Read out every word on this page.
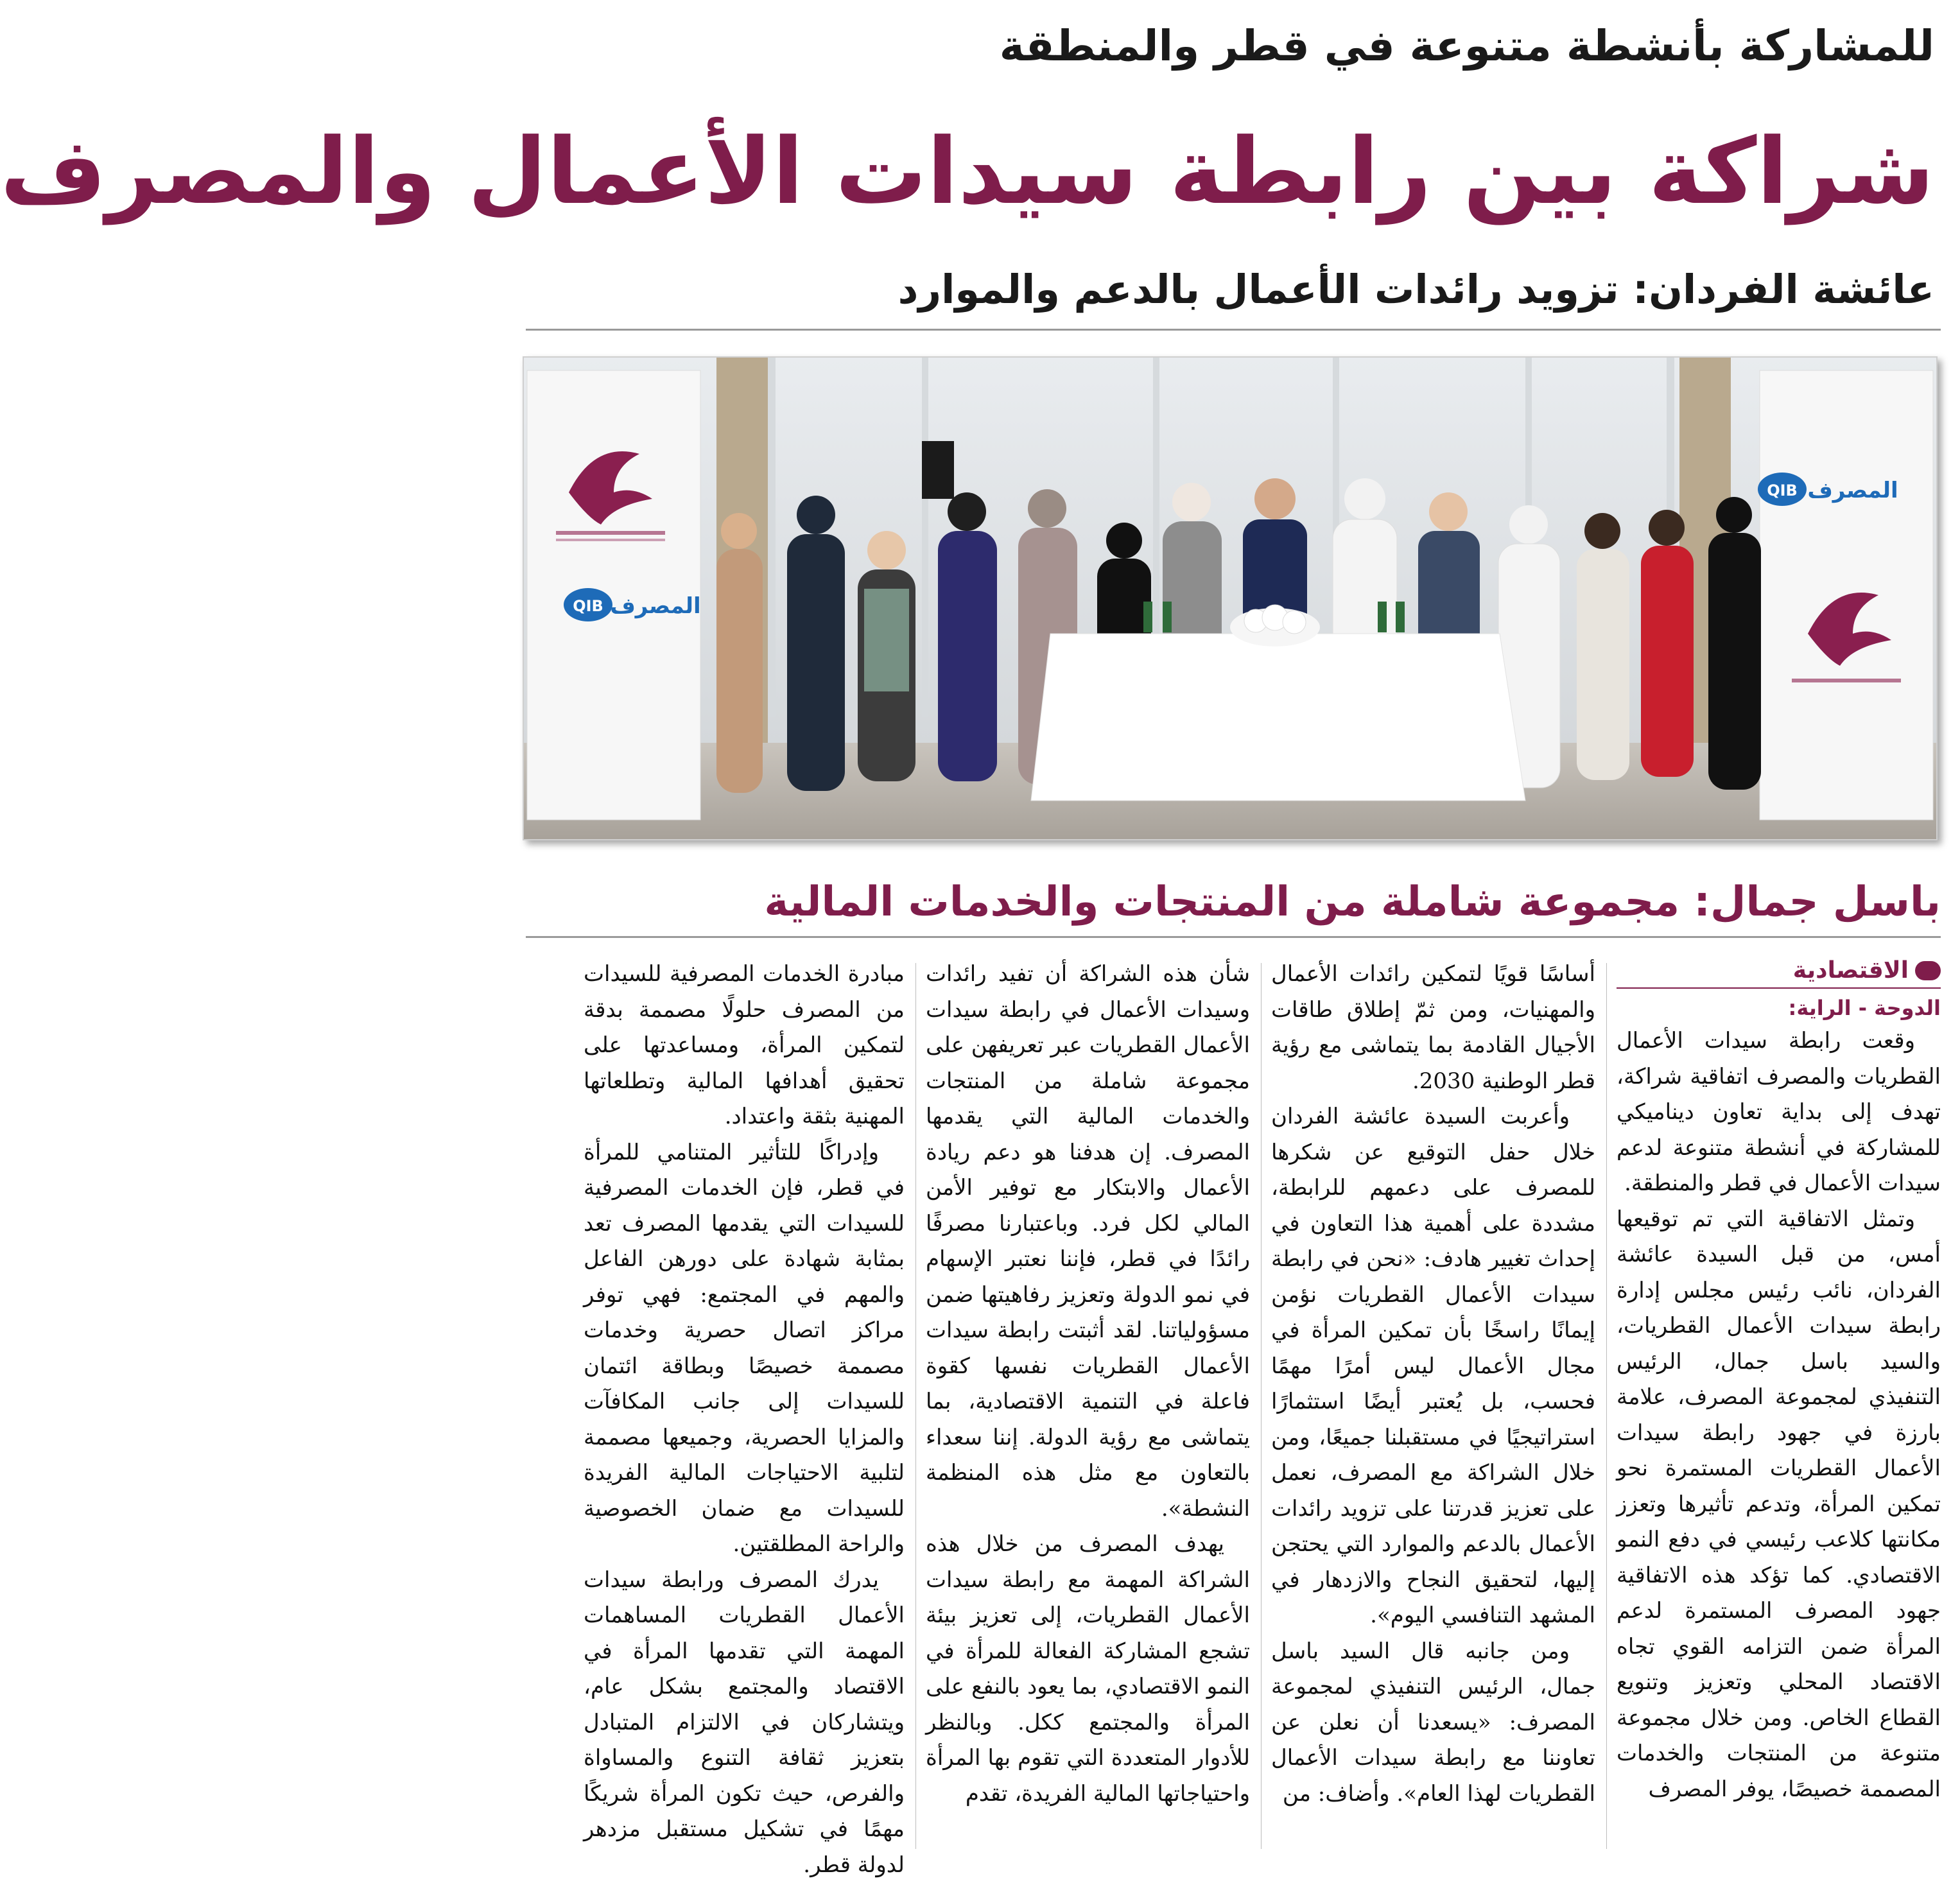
للمشاركة بأنشطة متنوعة في قطر والمنطقة
شراكة بين رابطة سيدات الأعمال والمصرف
عائشة الفردان: تزويد رائدات الأعمال بالدعم والموارد
QIB المصرف
QIB المصرف
باسل جمال: مجموعة شاملة من المنتجات والخدمات المالية
الاقتصادية
الدوحة - الراية:

وقعت رابطة سيدات الأعمال القطريات والمصرف اتفاقية شراكة، تهدف إلى بداية تعاون ديناميكي للمشاركة في أنشطة متنوعة لدعم سيدات الأعمال في قطر والمنطقة.

وتمثل الاتفاقية التي تم توقيعها أمس، من قبل السيدة عائشة الفردان، نائب رئيس مجلس إدارة رابطة سيدات الأعمال القطريات، والسيد باسل جمال، الرئيس التنفيذي لمجموعة المصرف، علامة بارزة في جهود رابطة سيدات الأعمال القطريات المستمرة نحو تمكين المرأة، وتدعم تأثيرها وتعزز مكانتها كلاعب رئيسي في دفع النمو الاقتصادي. كما تؤكد هذه الاتفاقية جهود المصرف المستمرة لدعم المرأة ضمن التزامه القوي تجاه الاقتصاد المحلي وتعزيز وتنويع القطاع الخاص. ومن خلال مجموعة متنوعة من المنتجات والخدمات المصممة خصيصًا، يوفر المصرف

أساسًا قويًا لتمكين رائدات الأعمال والمهنيات، ومن ثمّ إطلاق طاقات الأجيال القادمة بما يتماشى مع رؤية قطر الوطنية 2030.

وأعربت السيدة عائشة الفردان خلال حفل التوقيع عن شكرها للمصرف على دعمهم للرابطة، مشددة على أهمية هذا التعاون في إحداث تغيير هادف: «نحن في رابطة سيدات الأعمال القطريات نؤمن إيمانًا راسخًا بأن تمكين المرأة في مجال الأعمال ليس أمرًا مهمًا فحسب، بل يُعتبر أيضًا استثمارًا استراتيجيًا في مستقبلنا جميعًا، ومن خلال الشراكة مع المصرف، نعمل على تعزيز قدرتنا على تزويد رائدات الأعمال بالدعم والموارد التي يحتجن إليها، لتحقيق النجاح والازدهار في المشهد التنافسي اليوم».

ومن جانبه قال السيد باسل جمال، الرئيس التنفيذي لمجموعة المصرف: «يسعدنا أن نعلن عن تعاوننا مع رابطة سيدات الأعمال القطريات لهذا العام». وأضاف: من

شأن هذه الشراكة أن تفيد رائدات وسيدات الأعمال في رابطة سيدات الأعمال القطريات عبر تعريفهن على مجموعة شاملة من المنتجات والخدمات المالية التي يقدمها المصرف. إن هدفنا هو دعم ريادة الأعمال والابتكار مع توفير الأمن المالي لكل فرد. وباعتبارنا مصرفًا رائدًا في قطر، فإننا نعتبر الإسهام في نمو الدولة وتعزيز رفاهيتها ضمن مسؤولياتنا. لقد أثبتت رابطة سيدات الأعمال القطريات نفسها كقوة فاعلة في التنمية الاقتصادية، بما يتماشى مع رؤية الدولة. إننا سعداء بالتعاون مع مثل هذه المنظمة النشطة».

يهدف المصرف من خلال هذه الشراكة المهمة مع رابطة سيدات الأعمال القطريات، إلى تعزيز بيئة تشجع المشاركة الفعالة للمرأة في النمو الاقتصادي، بما يعود بالنفع على المرأة والمجتمع ككل. وبالنظر للأدوار المتعددة التي تقوم بها المرأة واحتياجاتها المالية الفريدة، تقدم

مبادرة الخدمات المصرفية للسيدات من المصرف حلولًا مصممة بدقة لتمكين المرأة، ومساعدتها على تحقيق أهدافها المالية وتطلعاتها المهنية بثقة واعتداد.

وإدراكًا للتأثير المتنامي للمرأة في قطر، فإن الخدمات المصرفية للسيدات التي يقدمها المصرف تعد بمثابة شهادة على دورهن الفاعل والمهم في المجتمع: فهي توفر مراكز اتصال حصرية وخدمات مصممة خصيصًا وبطاقة ائتمان للسيدات إلى جانب المكافآت والمزايا الحصرية، وجميعها مصممة لتلبية الاحتياجات المالية الفريدة للسيدات مع ضمان الخصوصية والراحة المطلقتين.

يدرك المصرف ورابطة سيدات الأعمال القطريات المساهمات المهمة التي تقدمها المرأة في الاقتصاد والمجتمع بشكل عام، ويتشاركان في الالتزام المتبادل بتعزيز ثقافة التنوع والمساواة والفرص، حيث تكون المرأة شريكًا مهمًا في تشكيل مستقبل مزدهر لدولة قطر.
